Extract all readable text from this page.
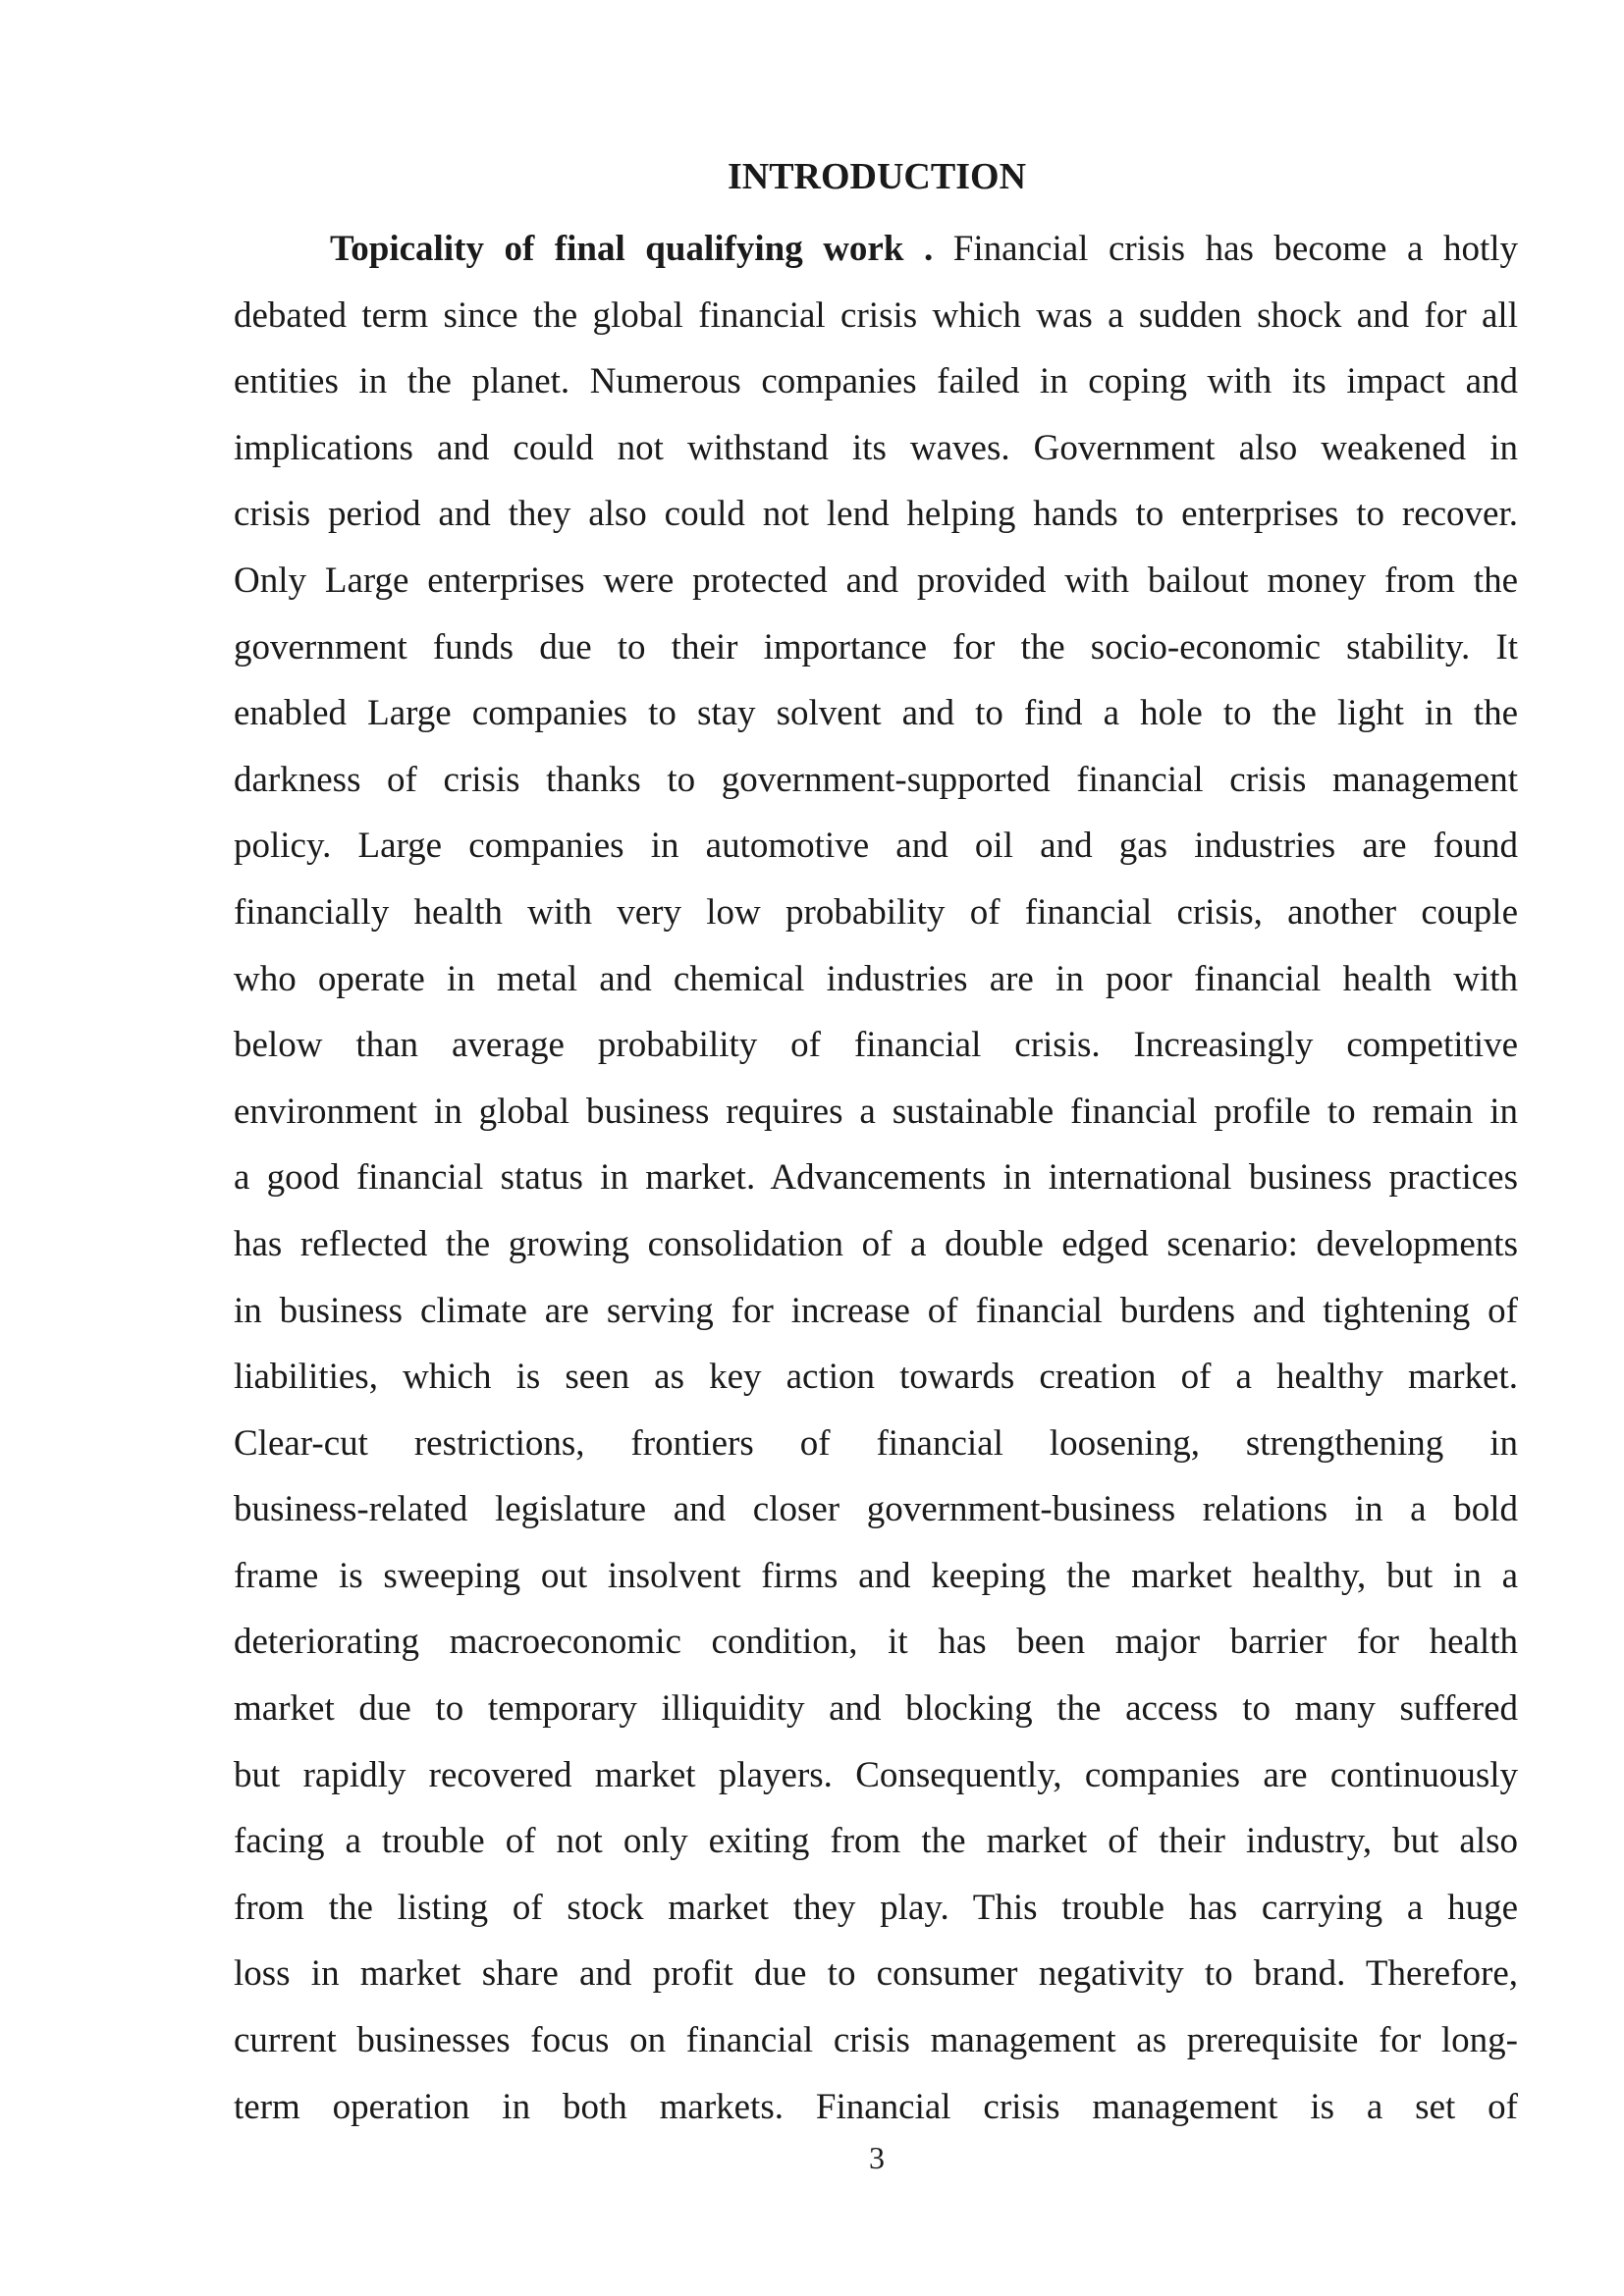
INTRODUCTION
Topicality of final qualifying work . Financial crisis has become a hotly
debated term since the global financial crisis which was a sudden shock and for all
entities in the planet. Numerous companies failed in coping with its impact and
implications and could not withstand its waves. Government also weakened in
crisis period and they also could not lend helping hands to enterprises to recover.
Only Large enterprises were protected and provided with bailout money from the
government funds due to their importance for the socio-economic stability. It
enabled Large companies to stay solvent and to find a hole to the light in the
darkness of crisis thanks to government-supported financial crisis management
policy. Large companies in automotive and oil and gas industries are found
financially health with very low probability of financial crisis, another couple
who operate in metal and chemical industries are in poor financial health with
below than average probability of financial crisis. Increasingly competitive
environment in global business requires a sustainable financial profile to remain in
a good financial status in market. Advancements in international business practices
has reflected the growing consolidation of a double edged scenario: developments
in business climate are serving for increase of financial burdens and tightening of
liabilities, which is seen as key action towards creation of a healthy market.
Clear-cut restrictions, frontiers of financial loosening, strengthening in
business-related legislature and closer government-business relations in a bold
frame is sweeping out insolvent firms and keeping the market healthy, but in a
deteriorating macroeconomic condition, it has been major barrier for health
market due to temporary illiquidity and blocking the access to many suffered
but rapidly recovered market players. Consequently, companies are continuously
facing a trouble of not only exiting from the market of their industry, but also
from the listing of stock market they play. This trouble has carrying a huge
loss in market share and profit due to consumer negativity to brand. Therefore,
current businesses focus on financial crisis management as prerequisite for long-
term operation in both markets. Financial crisis management is a set of
3
